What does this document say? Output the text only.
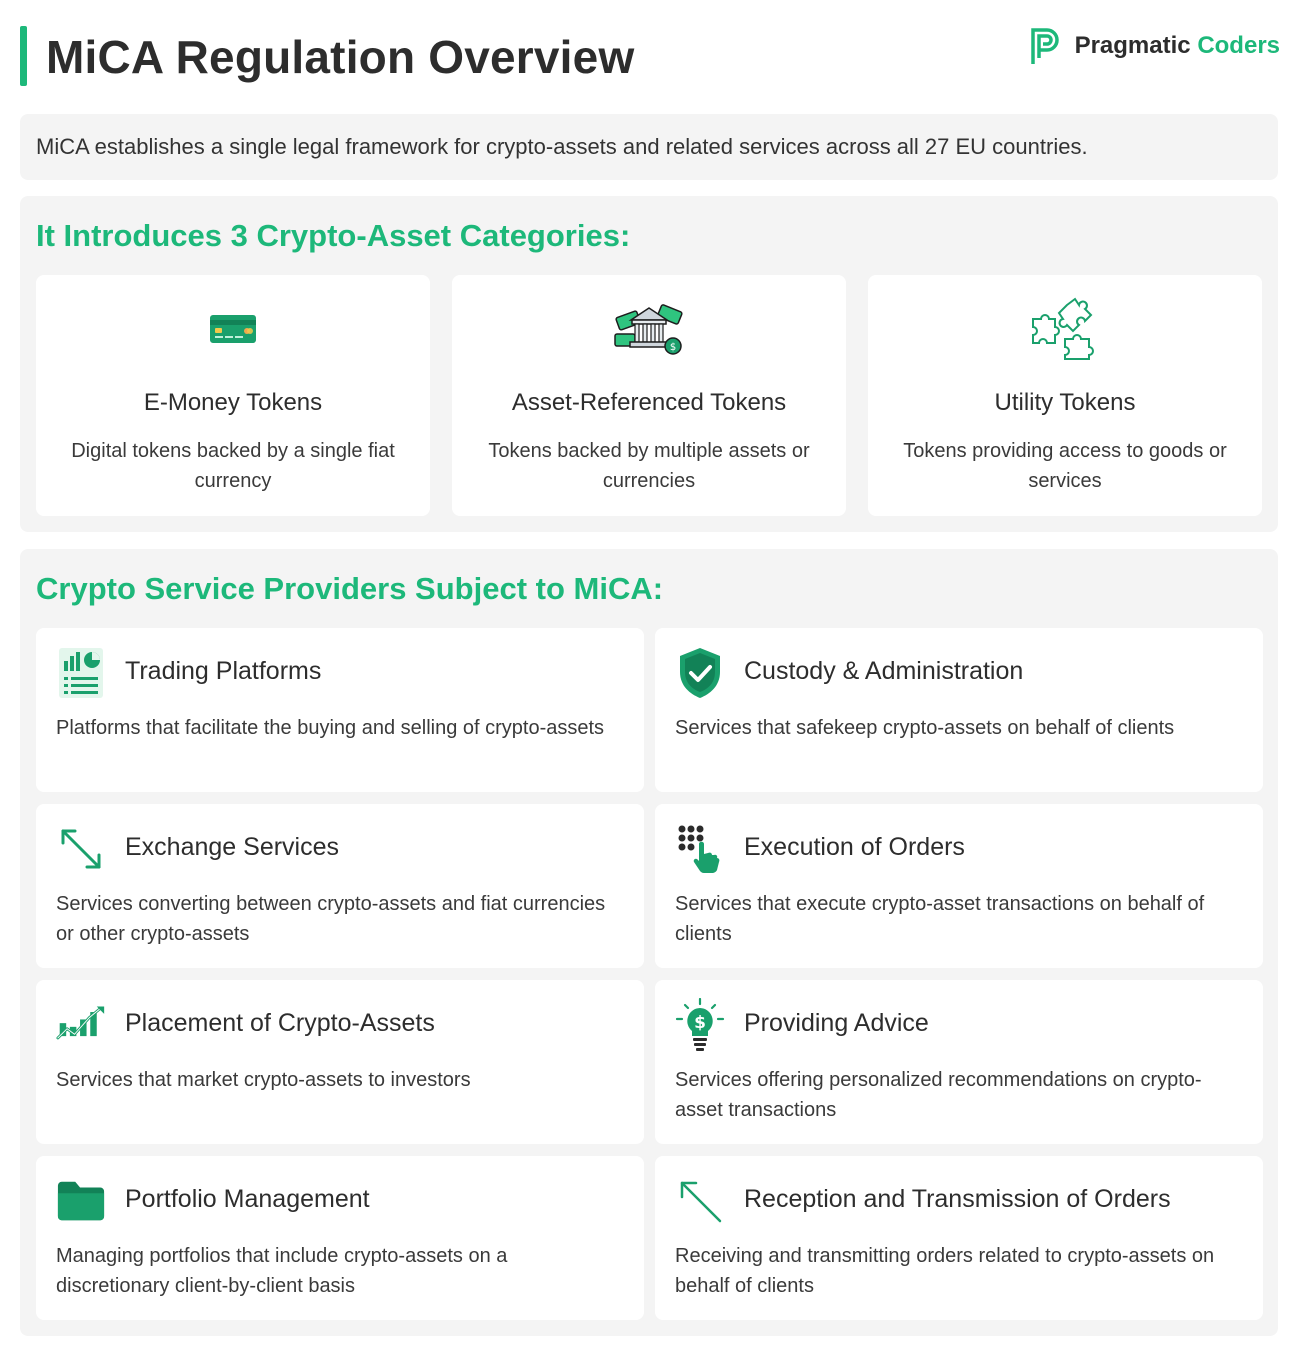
MiCA Regulation Overview	Pragmatic Coders
MiCA establishes a single legal framework for crypto-assets and related services across all 27 EU countries.
It Introduces 3 Crypto-Asset Categories:
E-Money Tokens
Digital tokens backed by a single fiat currency
$
Asset-Referenced Tokens
Tokens backed by multiple assets or currencies
Utility Tokens
Tokens providing access to goods or services
Crypto Service Providers Subject to MiCA:
Trading Platforms
Platforms that facilitate the buying and selling of crypto-assets
Custody & Administration
Services that safekeep crypto-assets on behalf of clients
Exchange Services
Services converting between crypto-assets and fiat currencies or other crypto-assets
Execution of Orders
Services that execute crypto-asset transactions on behalf of clients
Placement of Crypto-Assets
Services that market crypto-assets to investors
$ Providing Advice
Services offering personalized recommendations on crypto-asset transactions
Portfolio Management
Managing portfolios that include crypto-assets on a discretionary client-by-client basis
Reception and Transmission of Orders
Receiving and transmitting orders related to crypto-assets on behalf of clients
